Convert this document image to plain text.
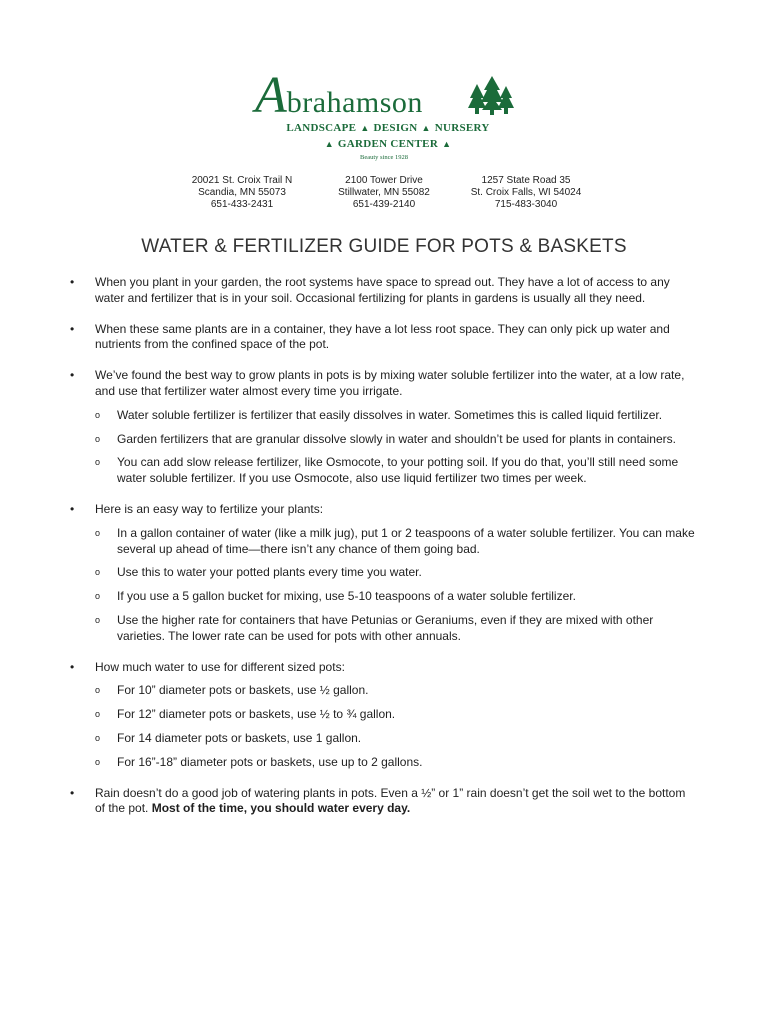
Abrahamson
LANDSCAPE ▲ DESIGN ▲ NURSERY
▲ GARDEN CENTER ▲
Beauty since 1928
20021 St. Croix Trail N
Scandia, MN 55073
651-433-2431
2100 Tower Drive
Stillwater, MN 55082
651-439-2140
1257 State Road 35
St. Croix Falls, WI 54024
715-483-3040
WATER & FERTILIZER GUIDE FOR POTS & BASKETS
• When you plant in your garden, the root systems have space to spread out. They have a lot of access to any water and fertilizer that is in your soil. Occasional fertilizing for plants in gardens is usually all they need.

• When these same plants are in a container, they have a lot less root space. They can only pick up water and nutrients from the confined space of the pot.

• We’ve found the best way to grow plants in pots is by mixing water soluble fertilizer into the water, at a low rate, and use that fertilizer water almost every time you irrigate.

o Water soluble fertilizer is fertilizer that easily dissolves in water. Sometimes this is called liquid fertilizer.
o Garden fertilizers that are granular dissolve slowly in water and shouldn’t be used for plants in containers.
o You can add slow release fertilizer, like Osmocote, to your potting soil. If you do that, you’ll still need some water soluble fertilizer. If you use Osmocote, also use liquid fertilizer two times per week.
• Here is an easy way to fertilize your plants:

o In a gallon container of water (like a milk jug), put 1 or 2 teaspoons of a water soluble fertilizer. You can make several up ahead of time—there isn’t any chance of them going bad.
o Use this to water your potted plants every time you water.
o If you use a 5 gallon bucket for mixing, use 5-10 teaspoons of a water soluble fertilizer.
o Use the higher rate for containers that have Petunias or Geraniums, even if they are mixed with other varieties. The lower rate can be used for pots with other annuals.
• How much water to use for different sized pots:

o For 10” diameter pots or baskets, use ½ gallon.
o For 12” diameter pots or baskets, use ½ to ¾ gallon.
o For 14 diameter pots or baskets, use 1 gallon.
o For 16”-18” diameter pots or baskets, use up to 2 gallons.
• Rain doesn’t do a good job of watering plants in pots. Even a ½” or 1” rain doesn’t get the soil wet to the bottom of the pot. Most of the time, you should water every day.
